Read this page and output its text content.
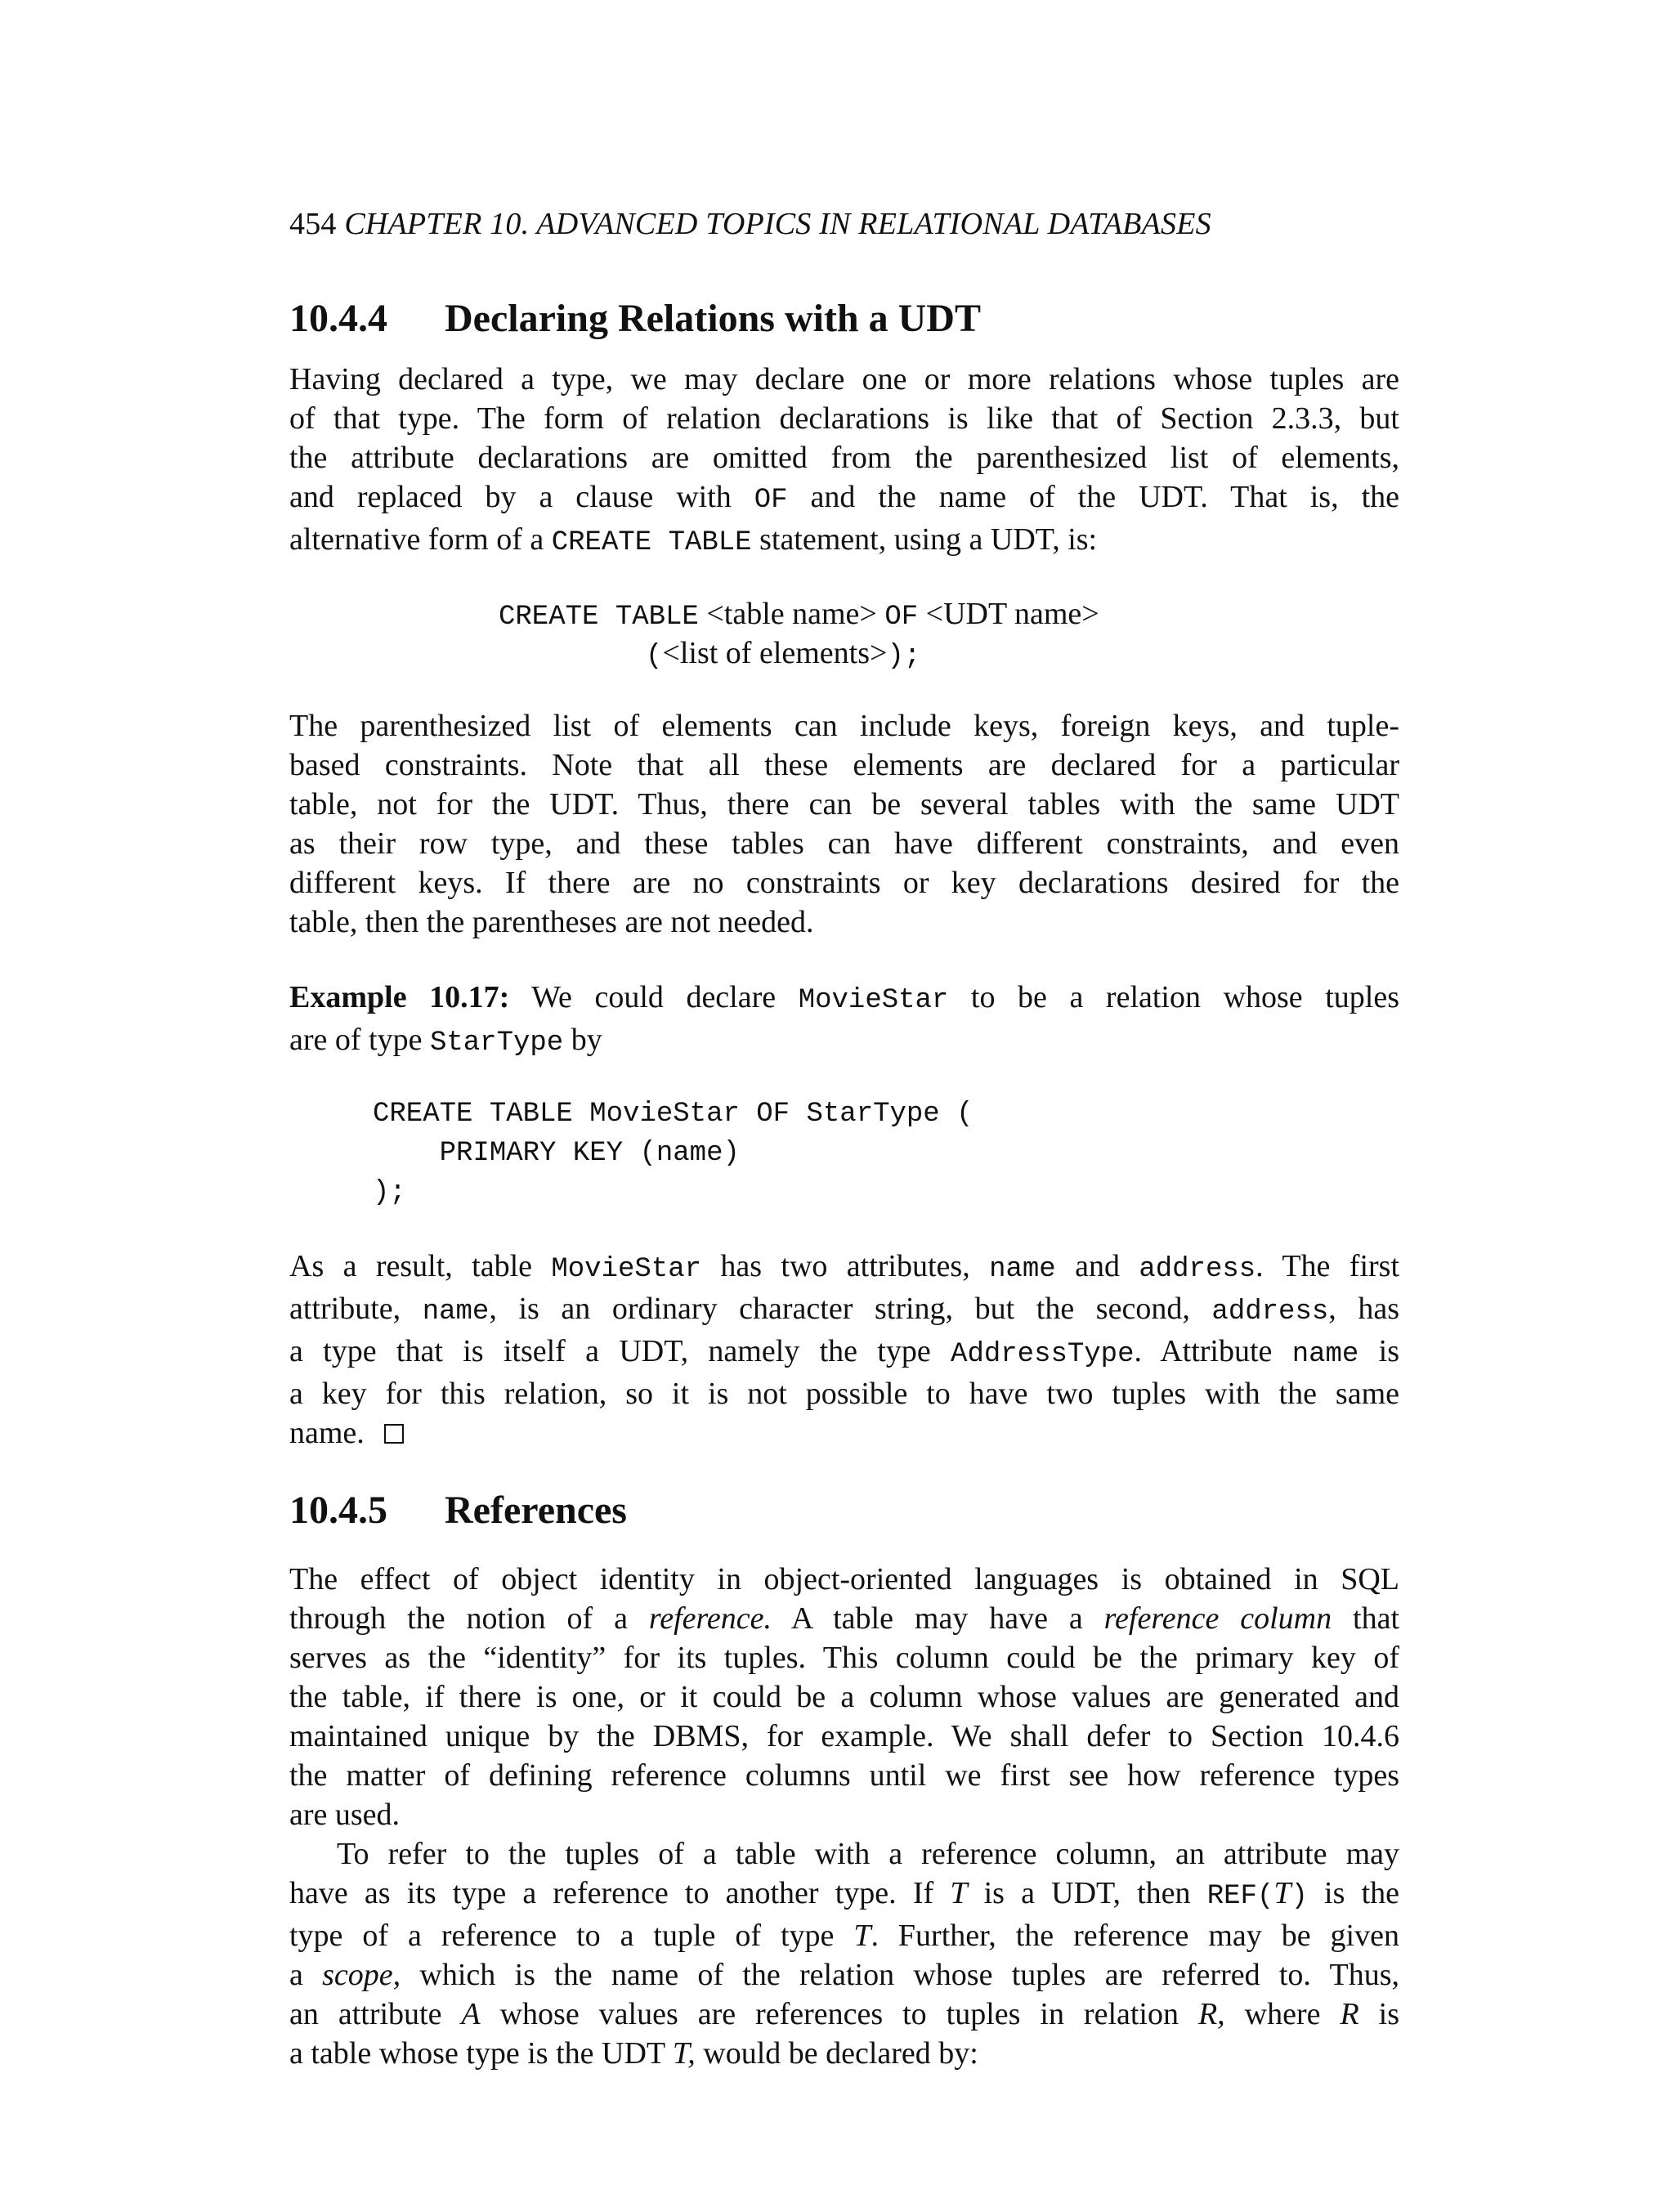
454 CHAPTER 10. ADVANCED TOPICS IN RELATIONAL DATABASES
10.4.4 Declaring Relations with a UDT
Having declared a type, we may declare one or more relations whose tuples are
of that type. The form of relation declarations is like that of Section 2.3.3, but
the attribute declarations are omitted from the parenthesized list of elements,
and replaced by a clause with OF and the name of the UDT. That is, the
alternative form of a CREATE TABLE statement, using a UDT, is:
CREATE TABLE <table name> OF <UDT name>
(<list of elements>);
The parenthesized list of elements can include keys, foreign keys, and tuple-
based constraints. Note that all these elements are declared for a particular
table, not for the UDT. Thus, there can be several tables with the same UDT
as their row type, and these tables can have different constraints, and even
different keys. If there are no constraints or key declarations desired for the
table, then the parentheses are not needed.
Example 10.17: We could declare MovieStar to be a relation whose tuples
are of type StarType by
CREATE TABLE MovieStar OF StarType (
PRIMARY KEY (name)
);
As a result, table MovieStar has two attributes, name and address. The first
attribute, name, is an ordinary character string, but the second, address, has
a type that is itself a UDT, namely the type AddressType. Attribute name is
a key for this relation, so it is not possible to have two tuples with the same
name.
10.4.5 References
The effect of object identity in object-oriented languages is obtained in SQL
through the notion of a reference. A table may have a reference column that
serves as the “identity” for its tuples. This column could be the primary key of
the table, if there is one, or it could be a column whose values are generated and
maintained unique by the DBMS, for example. We shall defer to Section 10.4.6
the matter of defining reference columns until we first see how reference types
are used.
To refer to the tuples of a table with a reference column, an attribute may
have as its type a reference to another type. If T is a UDT, then REF(T) is the
type of a reference to a tuple of type T. Further, the reference may be given
a scope, which is the name of the relation whose tuples are referred to. Thus,
an attribute A whose values are references to tuples in relation R, where R is
a table whose type is the UDT T, would be declared by:
